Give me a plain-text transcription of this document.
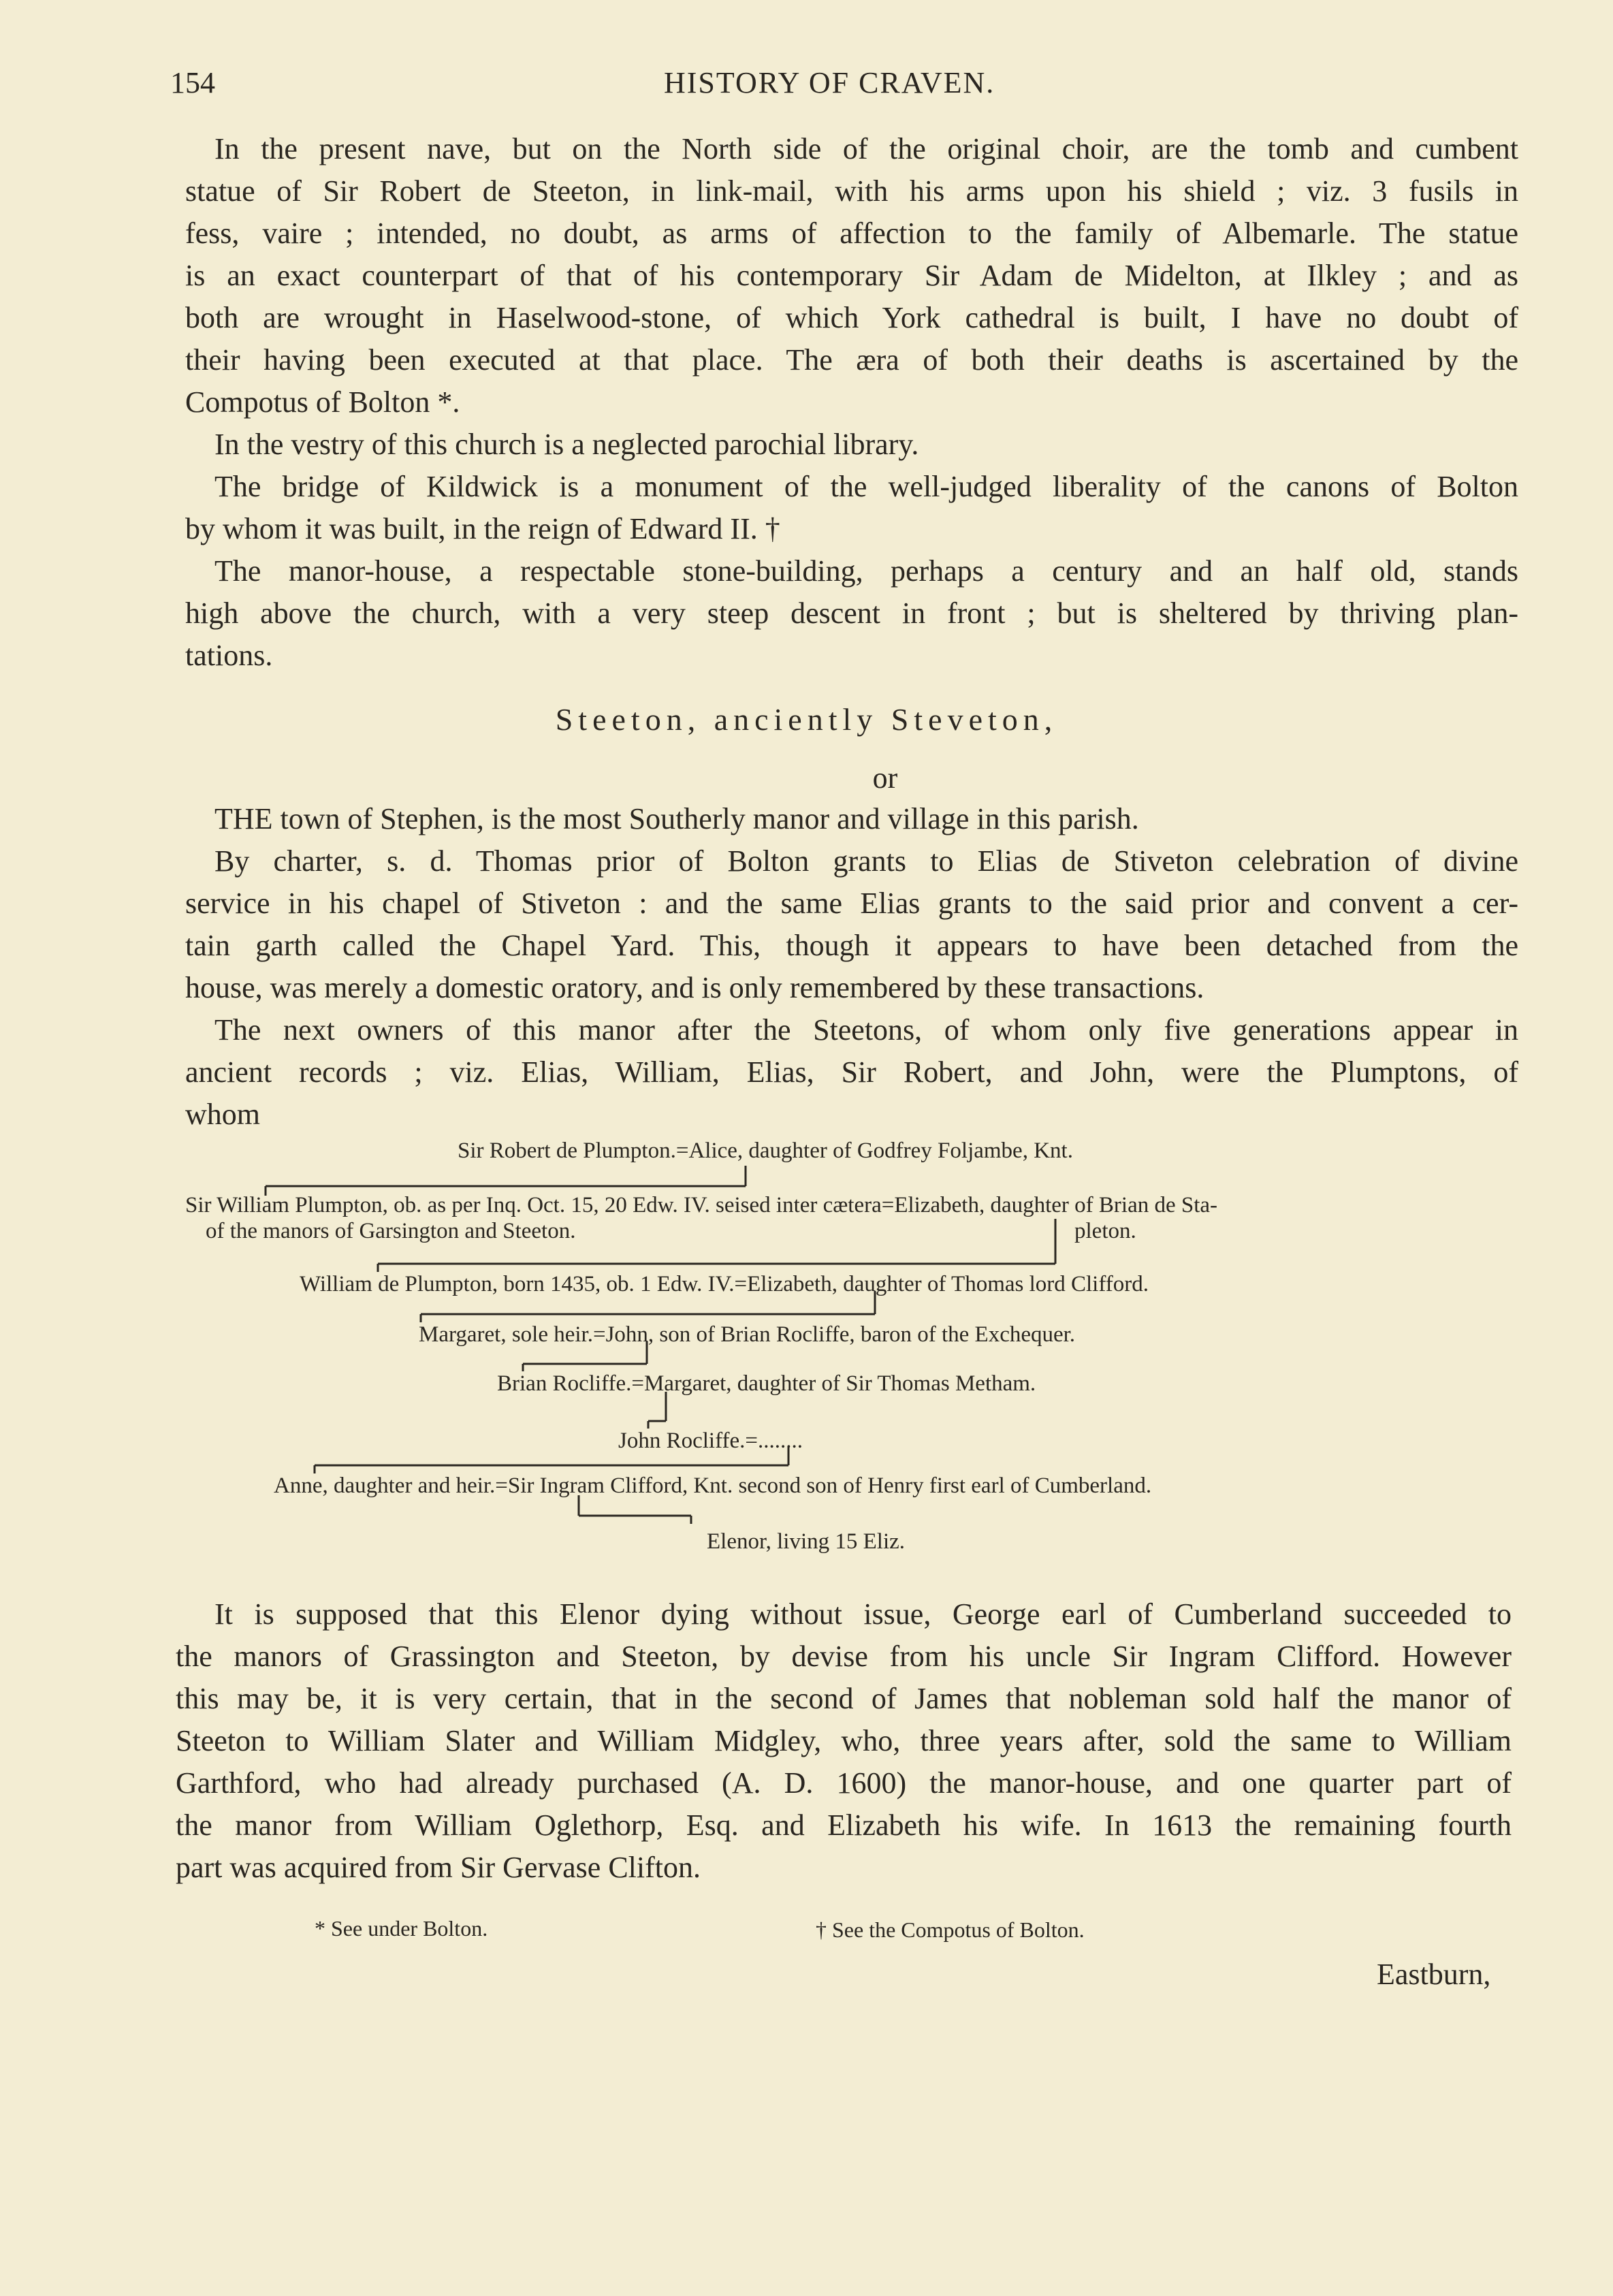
154	HISTORY OF CRAVEN.
In the present nave, but on the North side of the original choir, are the tomb and cumbent
statue of Sir Robert de Steeton, in link-mail, with his arms upon his shield ; viz. 3 fusils in
fess, vaire ; intended, no doubt, as arms of affection to the family of Albemarle. The statue
is an exact counterpart of that of his contemporary Sir Adam de Midelton, at Ilkley ; and as
both are wrought in Haselwood-stone, of which York cathedral is built, I have no doubt of
their having been executed at that place. The æra of both their deaths is ascertained by the
Compotus of Bolton *.
In the vestry of this church is a neglected parochial library.
The bridge of Kildwick is a monument of the well-judged liberality of the canons of Bolton
by whom it was built, in the reign of Edward II. †
The manor-house, a respectable stone-building, perhaps a century and an half old, stands
high above the church, with a very steep descent in front ; but is sheltered by thriving plan-
tations.
Steeton, anciently Steveton,
or
THE town of Stephen, is the most Southerly manor and village in this parish.
By charter, s. d. Thomas prior of Bolton grants to Elias de Stiveton celebration of divine
service in his chapel of Stiveton : and the same Elias grants to the said prior and convent a cer-
tain garth called the Chapel Yard. This, though it appears to have been detached from the
house, was merely a domestic oratory, and is only remembered by these transactions.
The next owners of this manor after the Steetons, of whom only five generations appear in
ancient records ; viz. Elias, William, Elias, Sir Robert, and John, were the Plumptons, of
whom
Sir Robert de Plumpton.=Alice, daughter of Godfrey Foljambe, Knt.
Sir William Plumpton, ob. as per Inq. Oct. 15, 20 Edw. IV. seised inter cætera=Elizabeth, daughter of Brian de Sta-
of the manors of Garsington and Steeton.	pleton.
William de Plumpton, born 1435, ob. 1 Edw. IV.=Elizabeth, daughter of Thomas lord Clifford.
Margaret, sole heir.=John, son of Brian Rocliffe, baron of the Exchequer.
Brian Rocliffe.=Margaret, daughter of Sir Thomas Metham.
John Rocliffe.=........
Anne, daughter and heir.=Sir Ingram Clifford, Knt. second son of Henry first earl of Cumberland.
Elenor, living 15 Eliz.
It is supposed that this Elenor dying without issue, George earl of Cumberland succeeded to
the manors of Grassington and Steeton, by devise from his uncle Sir Ingram Clifford. However
this may be, it is very certain, that in the second of James that nobleman sold half the manor of
Steeton to William Slater and William Midgley, who, three years after, sold the same to William
Garthford, who had already purchased (A. D. 1600) the manor-house, and one quarter part of
the manor from William Oglethorp, Esq. and Elizabeth his wife. In 1613 the remaining fourth
part was acquired from Sir Gervase Clifton.
* See under Bolton.	† See the Compotus of Bolton.
Eastburn,
